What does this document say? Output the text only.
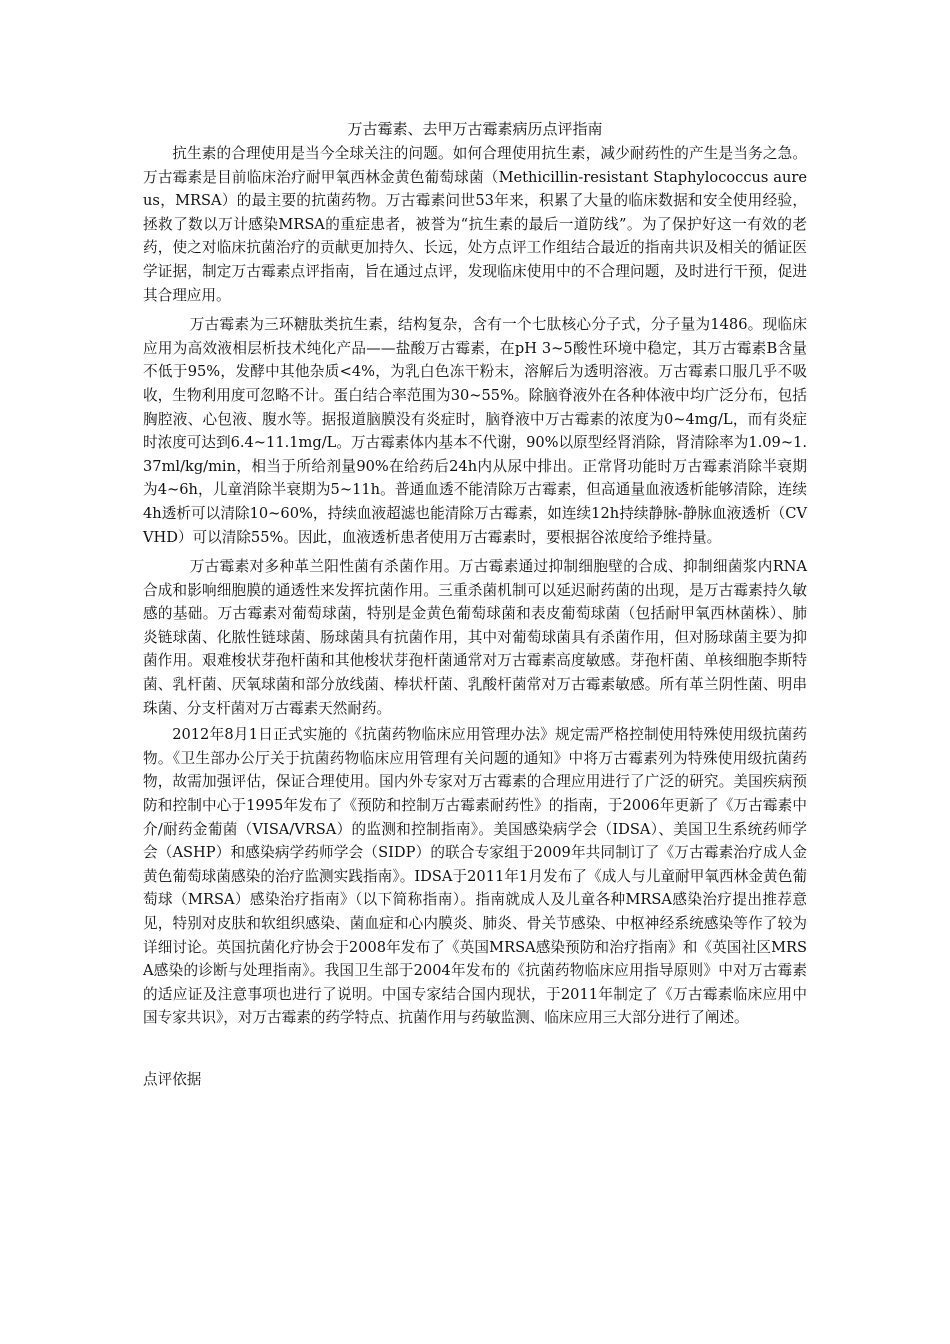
万古霉素、去甲万古霉素病历点评指南

抗生素的合理使用是当今全球关注的问题。如何合理使用抗生素，减少耐药性的产生是当务之急。万古霉素是目前临床治疗耐甲氧西林金黄色葡萄球菌（Methicillin-resistant Staphylococcus aureus，MRSA）的最主要的抗菌药物。万古霉素问世53年来，积累了大量的临床数据和安全使用经验，拯救了数以万计感染MRSA的重症患者，被誉为“抗生素的最后一道防线”。为了保护好这一有效的老药，使之对临床抗菌治疗的贡献更加持久、长远，处方点评工作组结合最近的指南共识及相关的循证医学证据，制定万古霉素点评指南，旨在通过点评，发现临床使用中的不合理问题，及时进行干预，促进其合理应用。

万古霉素为三环糖肽类抗生素，结构复杂，含有一个七肽核心分子式，分子量为1486。现临床应用为高效液相层析技术纯化产品——盐酸万古霉素，在pH 3~5酸性环境中稳定，其万古霉素B含量不低于95%，发酵中其他杂质<4%，为乳白色冻干粉末，溶解后为透明溶液。万古霉素口服几乎不吸收，生物利用度可忽略不计。蛋白结合率范围为30~55%。除脑脊液外在各种体液中均广泛分布，包括胸腔液、心包液、腹水等。据报道脑膜没有炎症时，脑脊液中万古霉素的浓度为0~4mg/L，而有炎症时浓度可达到6.4~11.1mg/L。万古霉素体内基本不代谢，90%以原型经肾消除，肾清除率为1.09~1.37ml/kg/min，相当于所给剂量90%在给药后24h内从尿中排出。正常肾功能时万古霉素消除半衰期为4~6h，儿童消除半衰期为5~11h。普通血透不能清除万古霉素，但高通量血液透析能够清除，连续4h透析可以清除10~60%，持续血液超滤也能清除万古霉素，如连续12h持续静脉-静脉血液透析（CVVHD）可以清除55%。因此，血液透析患者使用万古霉素时，要根据谷浓度给予维持量。

万古霉素对多种革兰阳性菌有杀菌作用。万古霉素通过抑制细胞壁的合成、抑制细菌浆内RNA合成和影响细胞膜的通透性来发挥抗菌作用。三重杀菌机制可以延迟耐药菌的出现，是万古霉素持久敏感的基础。万古霉素对葡萄球菌，特别是金黄色葡萄球菌和表皮葡萄球菌（包括耐甲氧西林菌株）、肺炎链球菌、化脓性链球菌、肠球菌具有抗菌作用，其中对葡萄球菌具有杀菌作用，但对肠球菌主要为抑菌作用。艰难梭状芽孢杆菌和其他梭状芽孢杆菌通常对万古霉素高度敏感。芽孢杆菌、单核细胞李斯特菌、乳杆菌、厌氧球菌和部分放线菌、棒状杆菌、乳酸杆菌常对万古霉素敏感。所有革兰阴性菌、明串珠菌、分支杆菌对万古霉素天然耐药。

2012年8月1日正式实施的《抗菌药物临床应用管理办法》规定需严格控制使用特殊使用级抗菌药物。《卫生部办公厅关于抗菌药物临床应用管理有关问题的通知》中将万古霉素列为特殊使用级抗菌药物，故需加强评估，保证合理使用。国内外专家对万古霉素的合理应用进行了广泛的研究。美国疾病预防和控制中心于1995年发布了《预防和控制万古霉素耐药性》的指南，于2006年更新了《万古霉素中介/耐药金葡菌（VISA/VRSA）的监测和控制指南》。美国感染病学会（IDSA）、美国卫生系统药师学会（ASHP）和感染病学药师学会（SIDP）的联合专家组于2009年共同制订了《万古霉素治疗成人金黄色葡萄球菌感染的治疗监测实践指南》。IDSA于2011年1月发布了《成人与儿童耐甲氧西林金黄色葡萄球（MRSA）感染治疗指南》（以下简称指南）。指南就成人及儿童各种MRSA感染治疗提出推荐意见，特别对皮肤和软组织感染、菌血症和心内膜炎、肺炎、骨关节感染、中枢神经系统感染等作了较为详细讨论。英国抗菌化疗协会于2008年发布了《英国MRSA感染预防和治疗指南》和《英国社区MRSA感染的诊断与处理指南》。我国卫生部于2004年发布的《抗菌药物临床应用指导原则》中对万古霉素的适应证及注意事项也进行了说明。中国专家结合国内现状，于2011年制定了《万古霉素临床应用中国专家共识》，对万古霉素的药学特点、抗菌作用与药敏监测、临床应用三大部分进行了阐述。

点评依据
